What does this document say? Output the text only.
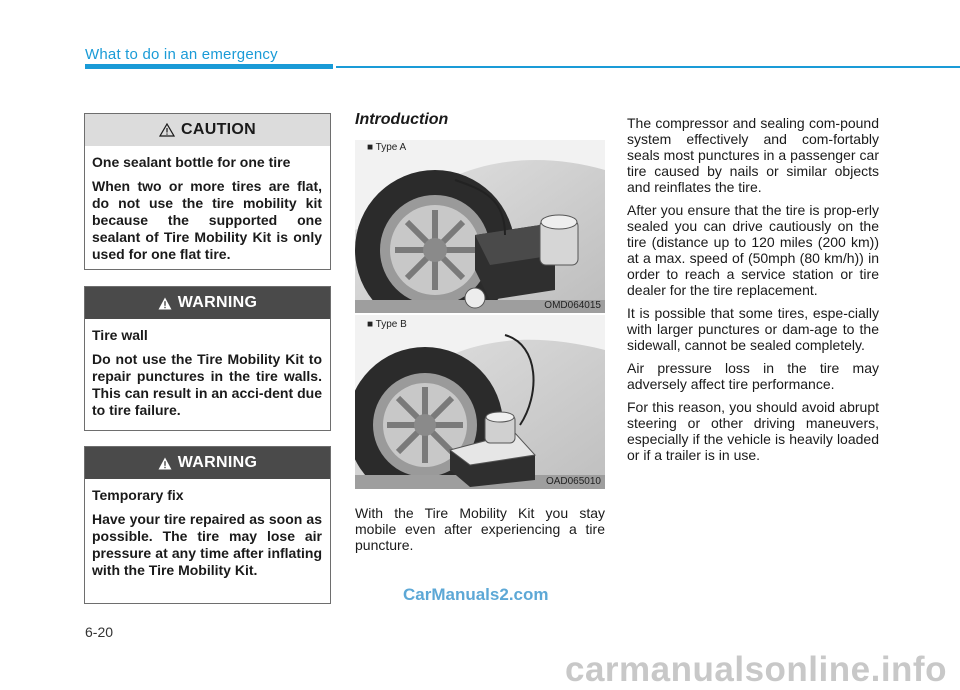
What to do in an emergency
CAUTION

One sealant bottle for one tire

When two or more tires are flat, do not use the tire mobility kit because the supported one sealant of Tire Mobility Kit is only used for one flat tire.

WARNING

Tire wall

Do not use the Tire Mobility Kit to repair punctures in the tire walls. This can result in an acci-dent due to tire failure.

WARNING

Temporary fix

Have your tire repaired as soon as possible. The tire may lose air pressure at any time after inflating with the Tire Mobility Kit.

Introduction
■ Type A
OMD064015
■ Type B
OAD065010

With the Tire Mobility Kit you stay mobile even after experiencing a tire puncture.

The compressor and sealing com-pound system effectively and com-fortably seals most punctures in a passenger car tire caused by nails or similar objects and reinflates the tire.

After you ensure that the tire is prop-erly sealed you can drive cautiously on the tire (distance up to 120 miles (200 km)) at a max. speed of (50mph (80 km/h)) in order to reach a service station or tire dealer for the tire replacement.

It is possible that some tires, espe-cially with larger punctures or dam-age to the sidewall, cannot be sealed completely.

Air pressure loss in the tire may adversely affect tire performance.

For this reason, you should avoid abrupt steering or other driving maneuvers, especially if the vehicle is heavily loaded or if a trailer is in use.

CarManuals2.com
6-20
carmanualsonline.info
